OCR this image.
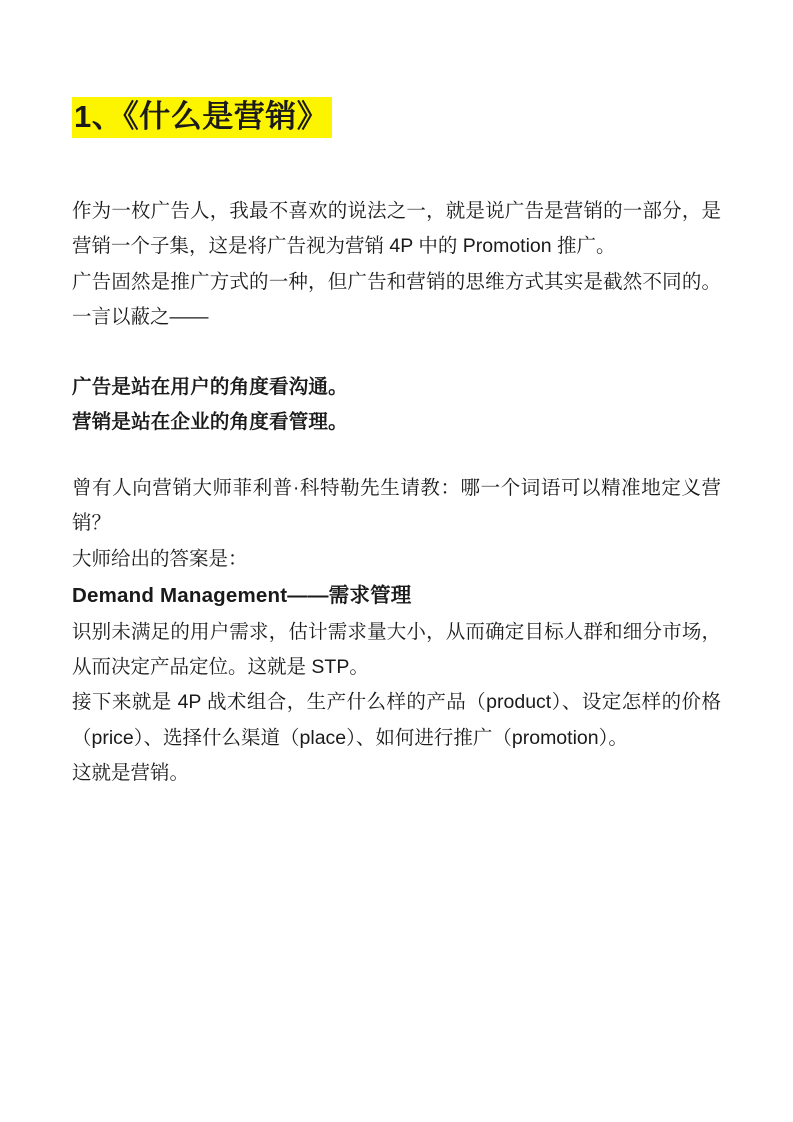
1、《什么是营销》

作为一枚广告人，我最不喜欢的说法之一，就是说广告是营销的一部分，是营销一个子集，这是将广告视为营销 4P 中的 Promotion 推广。

广告固然是推广方式的一种，但广告和营销的思维方式其实是截然不同的。一言以蔽之——

广告是站在用户的角度看沟通。

营销是站在企业的角度看管理。

曾有人向营销大师菲利普·科特勒先生请教：哪一个词语可以精准地定义营销？

大师给出的答案是：

Demand Management——需求管理

识别未满足的用户需求，估计需求量大小，从而确定目标人群和细分市场，从而决定产品定位。这就是 STP。

接下来就是 4P 战术组合，生产什么样的产品（product）、设定怎样的价格（price）、选择什么渠道（place）、如何进行推广（promotion）。

这就是营销。
